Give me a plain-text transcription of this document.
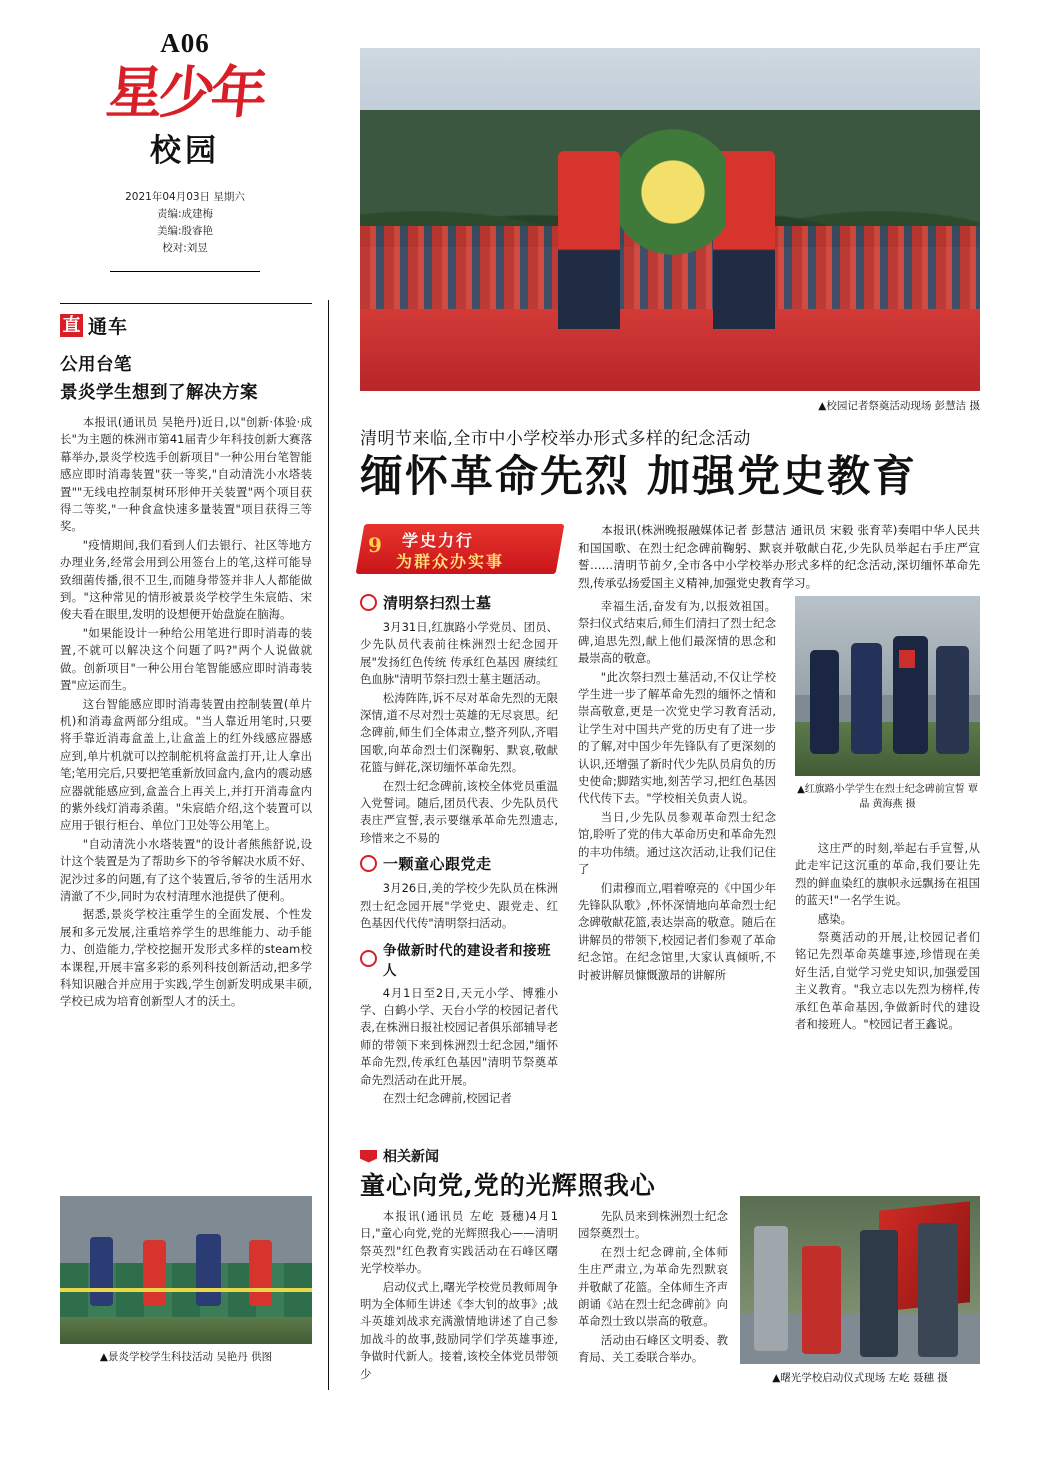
A06
星少年
校园
2021年04月03日 星期六
责编:成建梅
美编:殷睿艳
校对:刘昱
直 通车
公用台笔
景炎学生想到了解决方案

本报讯(通讯员 吴艳丹)近日,以"创新·体验·成长"为主题的株洲市第41届青少年科技创新大赛落幕举办,景炎学校选手创新项目"一种公用台笔智能感应即时消毒装置"获一等奖,"自动清洗小水塔装置""无线电控制泵树环形伸开关装置"两个项目获得二等奖,"一种食盒快速多量装置"项目获得三等奖。

"疫情期间,我们看到人们去银行、社区等地方办理业务,经常会用到公用签台上的笔,这样可能导致细菌传播,很不卫生,而随身带签并非人人都能做到。"这种常见的情形被景炎学校学生朱宸皓、宋俊夫看在眼里,发明的设想便开始盘旋在脑海。

"如果能设计一种给公用笔进行即时消毒的装置,不就可以解决这个问题了吗?"两个人说做就做。创新项目"一种公用台笔智能感应即时消毒装置"应运而生。

这台智能感应即时消毒装置由控制装置(单片机)和消毒盒两部分组成。"当人靠近用笔时,只要将手靠近消毒盒盖上,让盒盖上的红外线感应器感应到,单片机就可以控制舵机将盒盖打开,让人拿出笔;笔用完后,只要把笔重新放回盒内,盒内的震动感应器就能感应到,盒盖合上再关上,并打开消毒盒内的紫外线灯消毒杀菌。"朱宸皓介绍,这个装置可以应用于银行柜台、单位门卫处等公用笔上。

"自动清洗小水塔装置"的设计者熊熊舒说,设计这个装置是为了帮助乡下的爷爷解决水质不好、泥沙过多的问题,有了这个装置后,爷爷的生活用水清澈了不少,同时为农村清理水池提供了便利。

据悉,景炎学校注重学生的全面发展、个性发展和多元发展,注重培养学生的思维能力、动手能力、创造能力,学校挖掘开发形式多样的steam校本课程,开展丰富多彩的系列科技创新活动,把多学科知识融合并应用于实践,学生创新发明成果丰硕,学校已成为培育创新型人才的沃土。

▲景炎学校学生科技活动 吴艳丹 供图
▲校园记者祭奠活动现场 彭慧洁 摄
清明节来临,全市中小学校举办形式多样的纪念活动
缅怀革命先烈 加强党史教育
9 学史力行
为群众办实事

本报讯(株洲晚报融媒体记者 彭慧洁 通讯员 宋毅 张育苹)奏唱中华人民共和国国歌、在烈士纪念碑前鞠躬、默哀并敬献白花,少先队员举起右手庄严宣誓……清明节前夕,全市各中小学校举办形式多样的纪念活动,深切缅怀革命先烈,传承弘扬爱国主义精神,加强党史教育学习。

清明祭扫烈士墓

3月31日,红旗路小学党员、团员、少先队员代表前往株洲烈士纪念园开展"发扬红色传统 传承红色基因 赓续红色血脉"清明节祭扫烈士墓主题活动。

松涛阵阵,诉不尽对革命先烈的无限深情,道不尽对烈士英雄的无尽哀思。纪念碑前,师生们全体肃立,整齐列队,齐唱国歌,向革命烈士们深鞠躬、默哀,敬献花篮与鲜花,深切缅怀革命先烈。

在烈士纪念碑前,该校全体党员重温入党誓词。随后,团员代表、少先队员代表庄严宣誓,表示要继承革命先烈遗志,珍惜来之不易的

一颗童心跟党走

3月26日,美的学校少先队员在株洲烈士纪念园开展"学党史、跟党走、红色基因代代传"清明祭扫活动。

争做新时代的建设者和接班人

4月1日至2日,天元小学、博雅小学、白鹤小学、天台小学的校园记者代表,在株洲日报社校园记者俱乐部辅导老师的带领下来到株洲烈士纪念园,"缅怀革命先烈,传承红色基因"清明节祭奠革命先烈活动在此开展。

在烈士纪念碑前,校园记者

幸福生活,奋发有为,以报效祖国。祭扫仪式结束后,师生们清扫了烈士纪念碑,追思先烈,献上他们最深情的思念和最崇高的敬意。

"此次祭扫烈士墓活动,不仅让学校学生进一步了解革命先烈的缅怀之情和崇高敬意,更是一次党史学习教育活动,让学生对中国共产党的历史有了进一步的了解,对中国少年先锋队有了更深刻的认识,还增强了新时代少先队员肩负的历史使命;脚踏实地,刻苦学习,把红色基因代代传下去。"学校相关负责人说。

当日,少先队员参观革命烈士纪念馆,聆听了党的伟大革命历史和革命先烈的丰功伟绩。通过这次活动,让我们记住了

们肃穆而立,唱着嘹亮的《中国少年先锋队队歌》,怀怀深情地向革命烈士纪念碑敬献花篮,表达崇高的敬意。随后在讲解员的带领下,校园记者们参观了革命纪念馆。在纪念馆里,大家认真倾听,不时被讲解员慷慨激昂的讲解所

▲红旗路小学学生在烈士纪念碑前宣誓 覃晶 黄海燕 摄

这庄严的时刻,举起右手宣誓,从此走牢记这沉重的革命,我们要让先烈的鲜血染红的旗帜永远飘扬在祖国的蓝天!"一名学生说。

感染。

祭奠活动的开展,让校园记者们铭记先烈革命英雄事迹,珍惜现在美好生活,自觉学习党史知识,加强爱国主义教育。"我立志以先烈为榜样,传承红色革命基因,争做新时代的建设者和接班人。"校园记者王鑫说。

相关新闻
童心向党,党的光辉照我心

本报讯(通讯员 左屹 聂穗)4月1日,"童心向党,党的光辉照我心——清明祭英烈"红色教育实践活动在石峰区曙光学校举办。

启动仪式上,曙光学校党员教师周争明为全体师生讲述《李大钊的故事》;战斗英雄刘战求充满激情地讲述了自己参加战斗的故事,鼓励同学们学英雄事迹,争做时代新人。接着,该校全体党员带领少

先队员来到株洲烈士纪念园祭奠烈士。

在烈士纪念碑前,全体师生庄严肃立,为革命先烈默哀并敬献了花篮。全体师生齐声朗诵《站在烈士纪念碑前》向革命烈士致以崇高的敬意。

活动由石峰区文明委、教育局、关工委联合举办。

▲曙光学校启动仪式现场 左屹 聂穗 摄
